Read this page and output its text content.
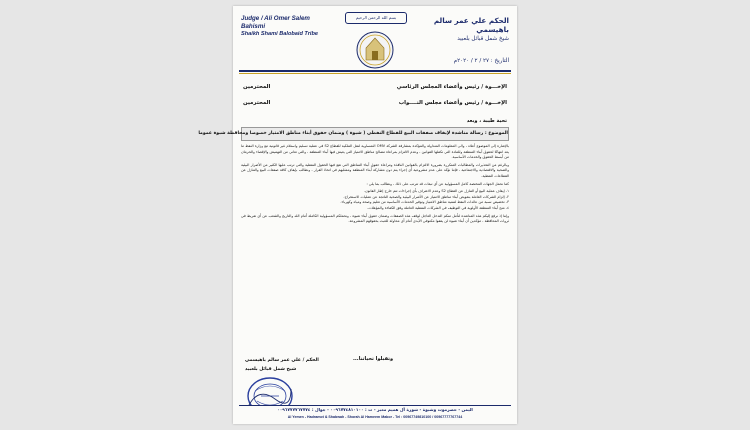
Judge / Ali Omer Salem Bahismi
Shaikh Shami Balobaid Tribe
بسم الله الرحمن الرحيم	الحكم علي عمر سالم باهيسمي
شيخ شمل قبائل بلعبيد
التاريخ : ٢٧ / ٢ / ٢٠٢٠م
الإخـــوة / رئيس وأعضاء المجلس الرئاسي
المحترمين
الإخـــوة / رئيس وأعضاء مجلس النــــواب
المحترمين
تحية طيبة ، وبعد
الموضوع : رسالة مناشدة لإيقاف صفقات البيع للقطاع النفطي ( شبوة ) وضمان حقوق أبناء مناطق الامتياز خصوصا ومحافظة شبوة عموما

بالإشارة إلى الموضوع أعلاه ، والى المعلومات المتداولة والمؤكدة بمشارفة الشركة OMV النمساوية لنقل الملكية للقطاع S2 في عملية تسليم واستلام غير قانونية مع وزارة النفط ما يعد انتهاكا لحقوق أبناء المنطقة وللمادة التي تكفلها القوانين ، وعدم الالتزام بمراعاة مصالح مناطق الامتياز التي يعيش فيها أبناء المنطقة ، والتي تعاني من التهميش والإقصاء والحرمان من أبسط الحقوق والخدمات الأساسية.

وبالرغم من التحذيرات والمطالبات المتكررة بضرورة الالتزام بالقوانين النافذة ومراعاة حقوق أبناء المناطق التي تقع فيها الحقول النفطية والتي ترتب عليها الكثير من الأضرار البيئية والصحية والاقتصادية والاجتماعية ، فإننا نؤكد على عدم مشروعية أي إجراء يتم دون مشاركة أبناء المنطقة وممثليهم في اتخاذ القرار ، ونطالب بإيقاف كافة صفقات البيع والتنازل عن القطاعات النفطية.

كما نحمل الجهات المختصة كامل المسؤولية عن أي تبعات قد تترتب على ذلك ، ونطالب بما يلي :

١- إيقاف عملية البيع أو التنازل عن القطاع S2 وعدم الاعتراف بأي إجراءات تتم خارج إطار القانون.

٢- إلزام الشركات العاملة بتعويض أبناء مناطق الامتياز عن الأضرار البيئية والصحية الناتجة عن عمليات الاستخراج.

٣- تخصيص نسبة من عائدات النفط لتنمية مناطق الامتياز وتوفير الخدمات الأساسية من تعليم وصحة ومياه وكهرباء.

٤- منح أبناء المنطقة الأولوية في التوظيف في الشركات النفطية العاملة وفق الكفاءة والمؤهلات.

وإننا إذ نرفع إليكم هذه المناشدة لنأمل منكم التدخل العاجل لوقف هذه الصفقات وضمان حقوق أبناء شبوة ، ونحملكم المسؤولية الكاملة أمام الله والتاريخ والشعب عن أي تفريط في ثروات المحافظة ، مؤكدين أن أبناء شبوة لن يقفوا مكتوفي الأيدي أمام أي محاولة للعبث بحقوقهم المشروعة.

وتقبلوا تحياتنا...
الحكم / علي عمر سالم باهيسمي
شيخ شمل قبائل بلعبيد
اليمن - حضرموت وشبوة - شورة آل هميم معبر - ت : ٠٠٩٦٧٧٤٨١٠١٠٠ - جوال : ٠٠٩٦٧٧٧٧٦٧٧٧٤
Al Yemen - Hadramot & Shabwah - Shorah Al Hameem Mabor - Tel : 00967749810100 / 00967777767744
